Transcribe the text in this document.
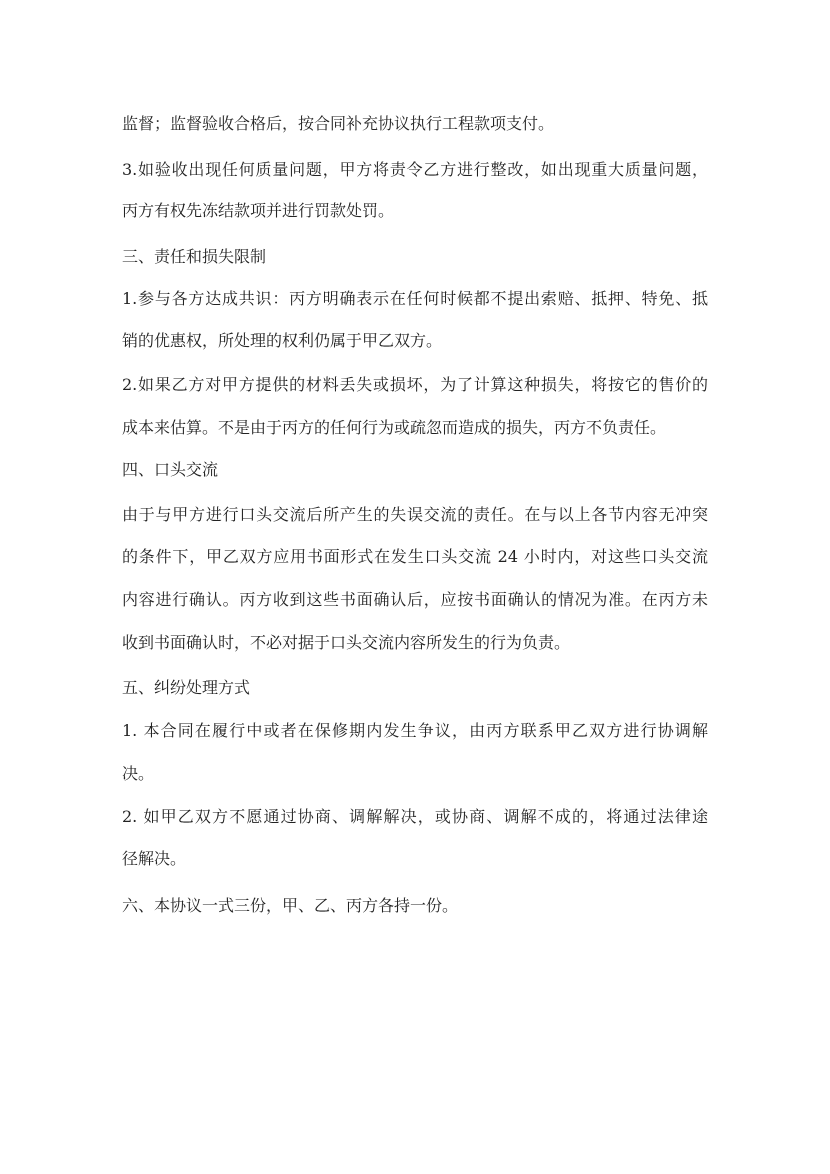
监督；监督验收合格后，按合同补充协议执行工程款项支付。
3.如验收出现任何质量问题，甲方将责令乙方进行整改，如出现重大质量问题，
丙方有权先冻结款项并进行罚款处罚。
三、责任和损失限制
1.参与各方达成共识：丙方明确表示在任何时候都不提出索赔、抵押、特免、抵
销的优惠权，所处理的权利仍属于甲乙双方。
2.如果乙方对甲方提供的材料丢失或损坏，为了计算这种损失，将按它的售价的
成本来估算。不是由于丙方的任何行为或疏忽而造成的损失，丙方不负责任。
四、口头交流
由于与甲方进行口头交流后所产生的失误交流的责任。在与以上各节内容无冲突
的条件下，甲乙双方应用书面形式在发生口头交流 24 小时内，对这些口头交流
内容进行确认。丙方收到这些书面确认后，应按书面确认的情况为准。在丙方未
收到书面确认时，不必对据于口头交流内容所发生的行为负责。
五、纠纷处理方式
1. 本合同在履行中或者在保修期内发生争议，由丙方联系甲乙双方进行协调解
决。
2. 如甲乙双方不愿通过协商、调解解决，或协商、调解不成的，将通过法律途
径解决。
六、本协议一式三份，甲、乙、丙方各持一份。
